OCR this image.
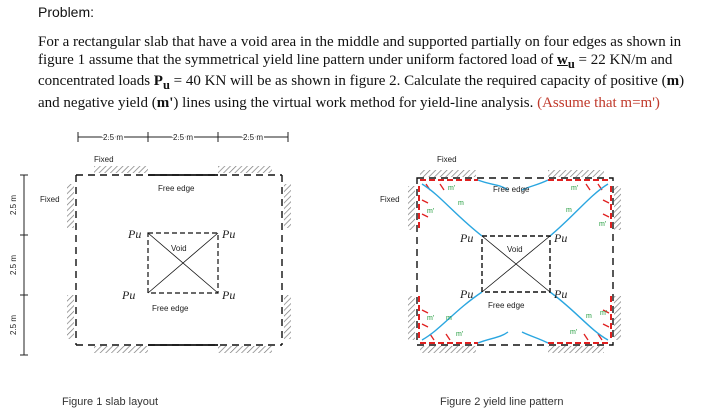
Problem:
For a rectangular slab that have a void area in the middle and supported partially on four edges as shown in
figure 1 assume that the symmetrical yield line pattern under uniform factored load of $w_u = 22$ KN/m and
concentrated loads $P_u = 40$ KN will be as shown in figure 2. Calculate the required capacity of positive (m)
and negative yield (m') lines using the virtual work method for yield-line analysis. (Assume that m=m')
2.5 m	2.5 m	2.5 m
Fixed
Fixed
Free edge
Void
Free edge
Pu	Pu
Pu	Pu
2.5 m
2.5 m
2.5 m
Fixed
Fixed
Free edge
Void
Free edge
Pu	Pu
Pu	Pu
m'
m
m'
m'
m
m'
m' m
m'
m m'
m'
Figure 1 slab layout	Figure 2 yield line pattern
